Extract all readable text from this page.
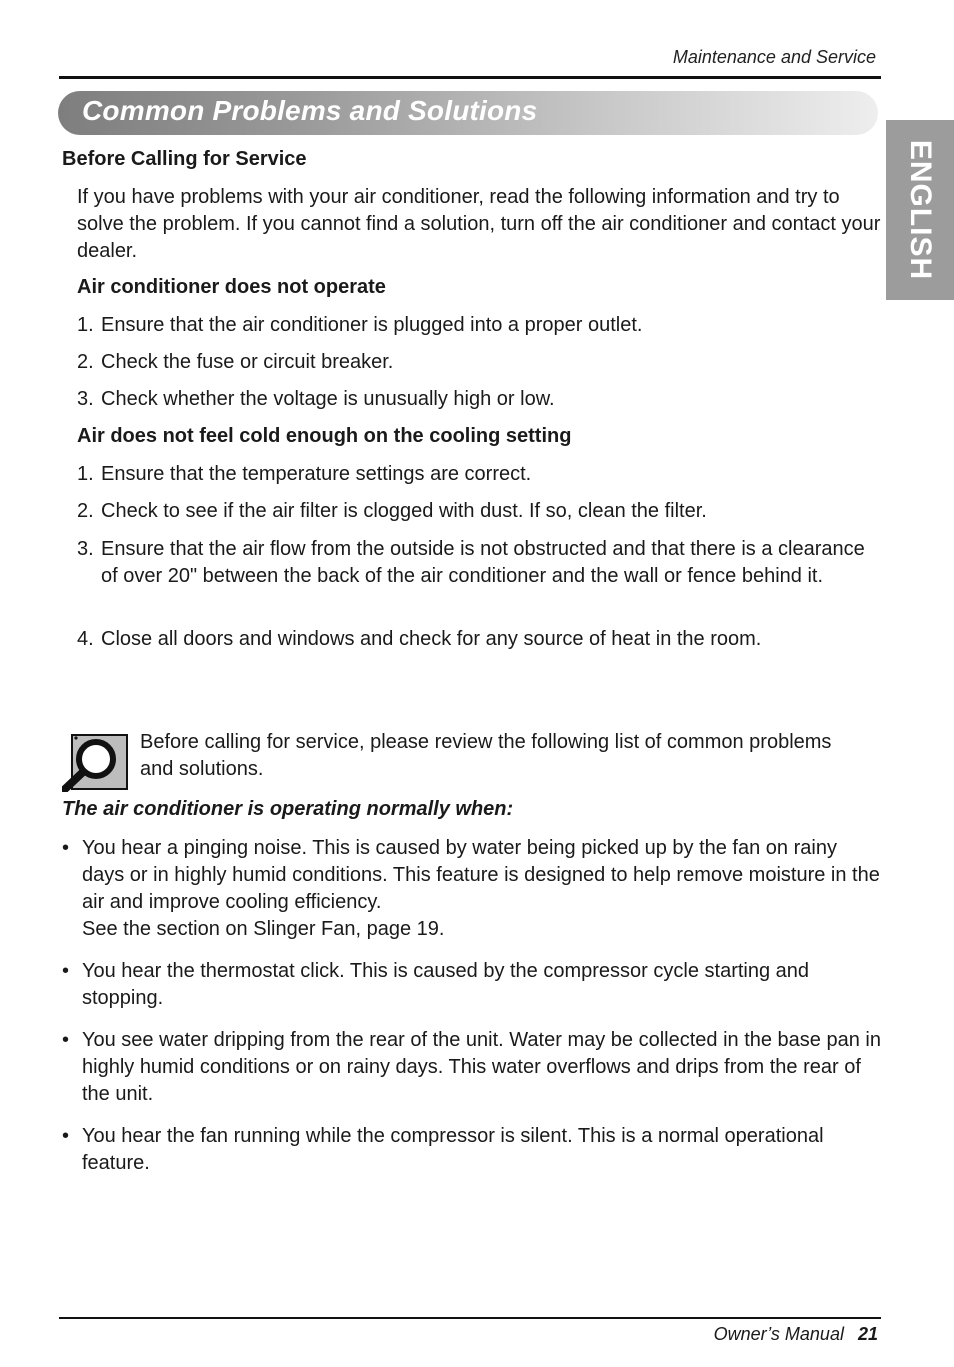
Maintenance and Service
Common Problems and Solutions
ENGLISH
Before Calling for Service
If you have problems with your air conditioner, read the following information and try to solve the problem. If you cannot find a solution, turn off the air conditioner and contact your dealer.
Air conditioner does not operate
1. Ensure that the air conditioner is plugged into a proper outlet.
2. Check the fuse or circuit breaker.
3. Check whether the voltage is unusually high or low.
Air does not feel cold enough on the cooling setting
1. Ensure that the temperature settings are correct.
2. Check to see if the air filter is clogged with dust. If so, clean the filter.
3. Ensure that the air flow from the outside is not obstructed and that there is a clearance of over 20" between the back of the air conditioner and the wall or fence behind it.
4. Close all doors and windows and check for any source of heat in the room.
Before calling for service, please review the following list of common problems and solutions.
The air conditioner is operating normally when:
• You hear a pinging noise. This is caused by water being picked up by the fan on rainy days or in highly humid conditions. This feature is designed to help remove moisture in the air and improve cooling efficiency.
See the section on Slinger Fan, page 19.
• You hear the thermostat click. This is caused by the compressor cycle starting and stopping.
• You see water dripping from the rear of the unit. Water may be collected in the base pan in highly humid conditions or on rainy days. This water overflows and drips from the rear of the unit.
• You hear the fan running while the compressor is silent. This is a normal operational feature.
Owner’s Manual 21
